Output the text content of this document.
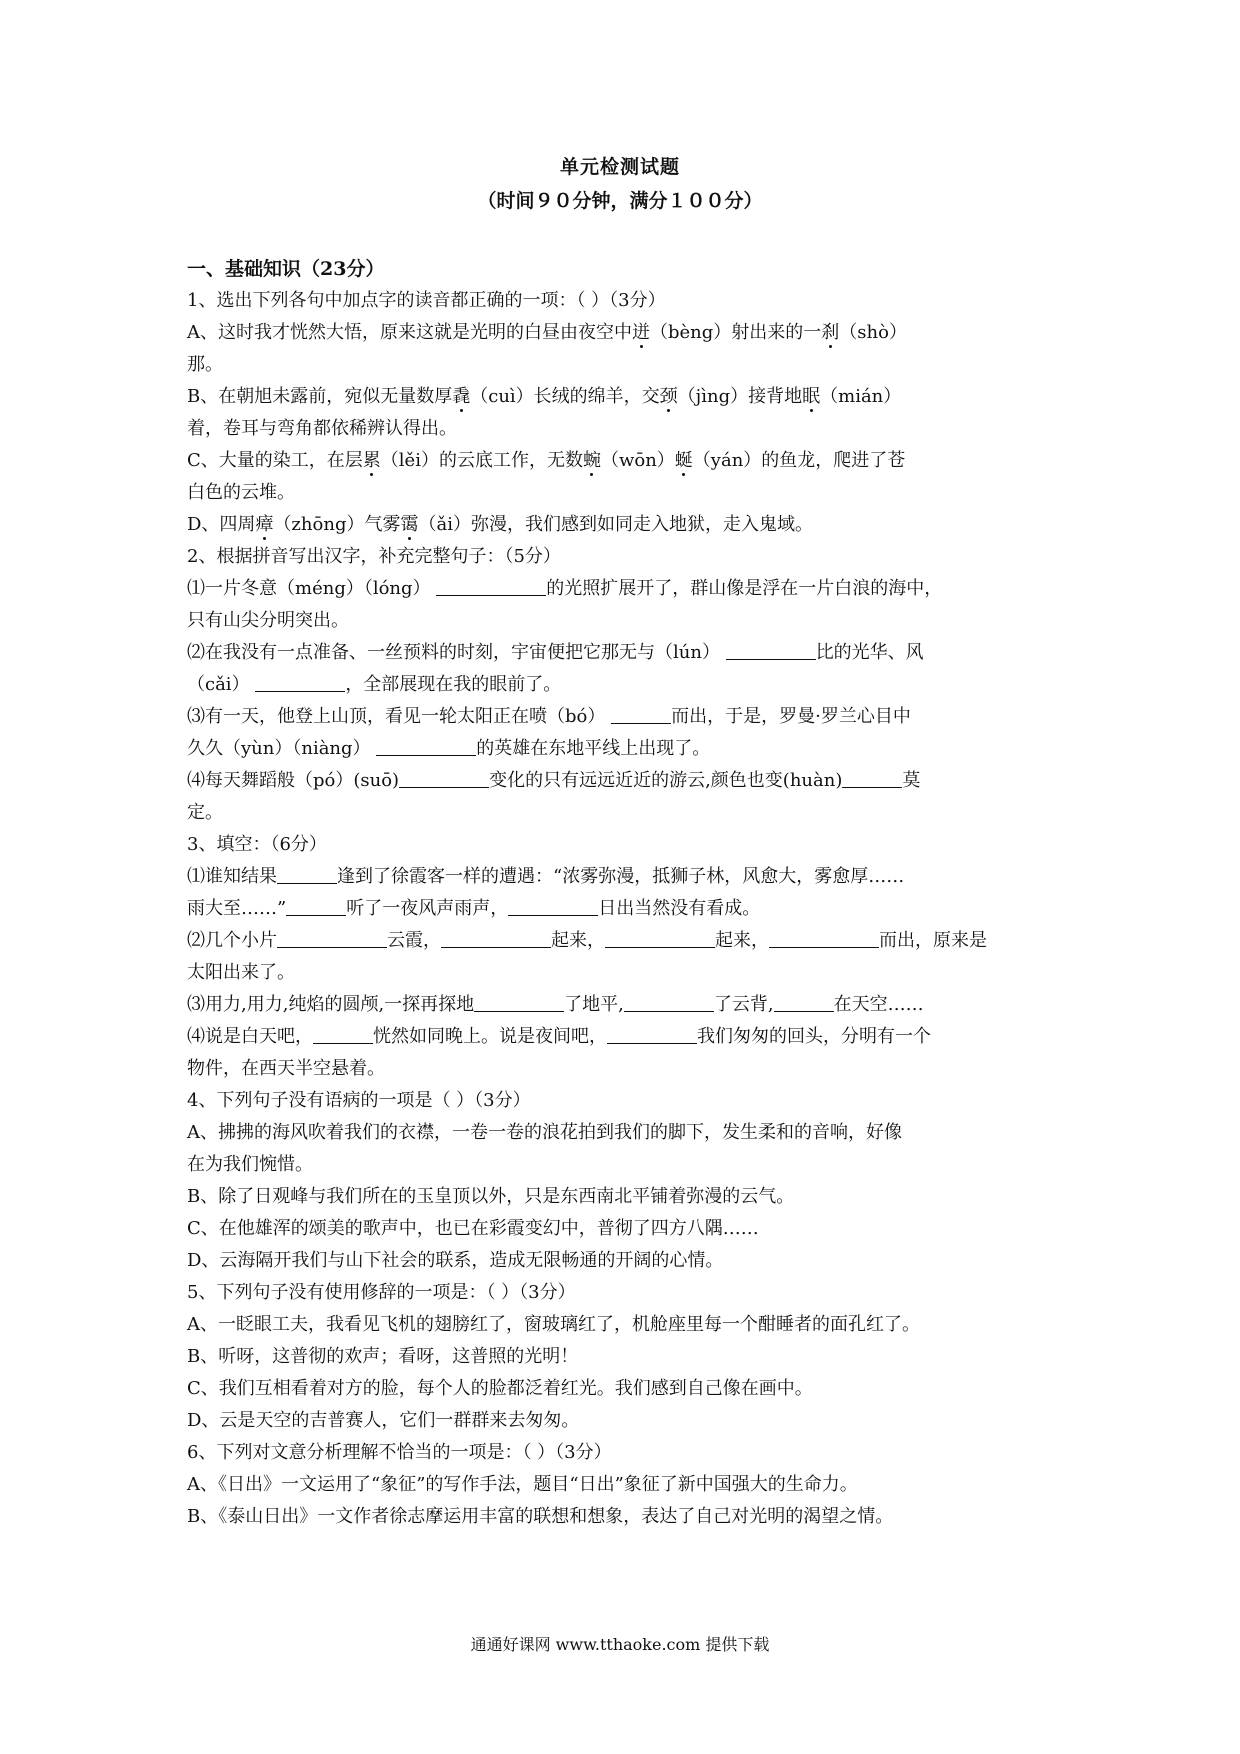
单元检测试题
（时间９０分钟，满分１００分）

一、基础知识（23分）

1、选出下列各句中加点字的读音都正确的一项：（ ）（3分）

A、这时我才恍然大悟，原来这就是光明的白昼由夜空中迸（bèng）射出来的一刹（shò）

那。

B、在朝旭未露前，宛似无量数厚毳（cuì）长绒的绵羊，交颈（jìng）接背地眠（mián）

着，卷耳与弯角都依稀辨认得出。

C、大量的染工，在层累（lěi）的云底工作，无数蜿（wōn）蜒（yán）的鱼龙，爬进了苍

白色的云堆。

D、四周瘴（zhōng）气雾霭（ǎi）弥漫，我们感到如同走入地狱，走入鬼域。

2、根据拼音写出汉字，补充完整句子：（5分）

⑴一片冬意（méng）（lóng）	的光照扩展开了，群山像是浮在一片白浪的海中，

只有山尖分明突出。

⑵在我没有一点准备、一丝预料的时刻，宇宙便把它那无与（lún）	比的光华、风

（cǎi）	，全部展现在我的眼前了。

⑶有一天，他登上山顶，看见一轮太阳正在喷（bó）	而出，于是，罗曼·罗兰心目中

久久（yùn）（niàng）	的英雄在东地平线上出现了。

⑷每天舞蹈般（pó）(suō)	变化的只有远远近近的游云,颜色也变(huàn)	莫

定。

3、填空：（6分）

⑴谁知结果	逢到了徐霞客一样的遭遇：“浓雾弥漫，抵狮子林，风愈大，雾愈厚……

雨大至……”	听了一夜风声雨声，	日出当然没有看成。

⑵几个小片	云霞，	起来，	起来，	而出，原来是

太阳出来了。

⑶用力,用力,纯焰的圆颅,一探再探地	了地平,	了云背,	在天空……

⑷说是白天吧，	恍然如同晚上。说是夜间吧，	我们匆匆的回头，分明有一个

物件，在西天半空悬着。

4、下列句子没有语病的一项是（ ）（3分）

A、拂拂的海风吹着我们的衣襟，一卷一卷的浪花拍到我们的脚下，发生柔和的音响，好像

在为我们惋惜。

B、除了日观峰与我们所在的玉皇顶以外，只是东西南北平铺着弥漫的云气。

C、在他雄浑的颂美的歌声中，也已在彩霞变幻中，普彻了四方八隅……

D、云海隔开我们与山下社会的联系，造成无限畅通的开阔的心情。

5、下列句子没有使用修辞的一项是：（ ）（3分）

A、一眨眼工夫，我看见飞机的翅膀红了，窗玻璃红了，机舱座里每一个酣睡者的面孔红了。

B、听呀，这普彻的欢声；看呀，这普照的光明！

C、我们互相看着对方的脸，每个人的脸都泛着红光。我们感到自己像在画中。

D、云是天空的吉普赛人，它们一群群来去匆匆。

6、下列对文意分析理解不恰当的一项是：（ ）（3分）

A、《日出》一文运用了“象征”的写作手法，题目“日出”象征了新中国强大的生命力。

B、《泰山日出》一文作者徐志摩运用丰富的联想和想象，表达了自己对光明的渴望之情。

通通好课网 www.tthaoke.com 提供下载
